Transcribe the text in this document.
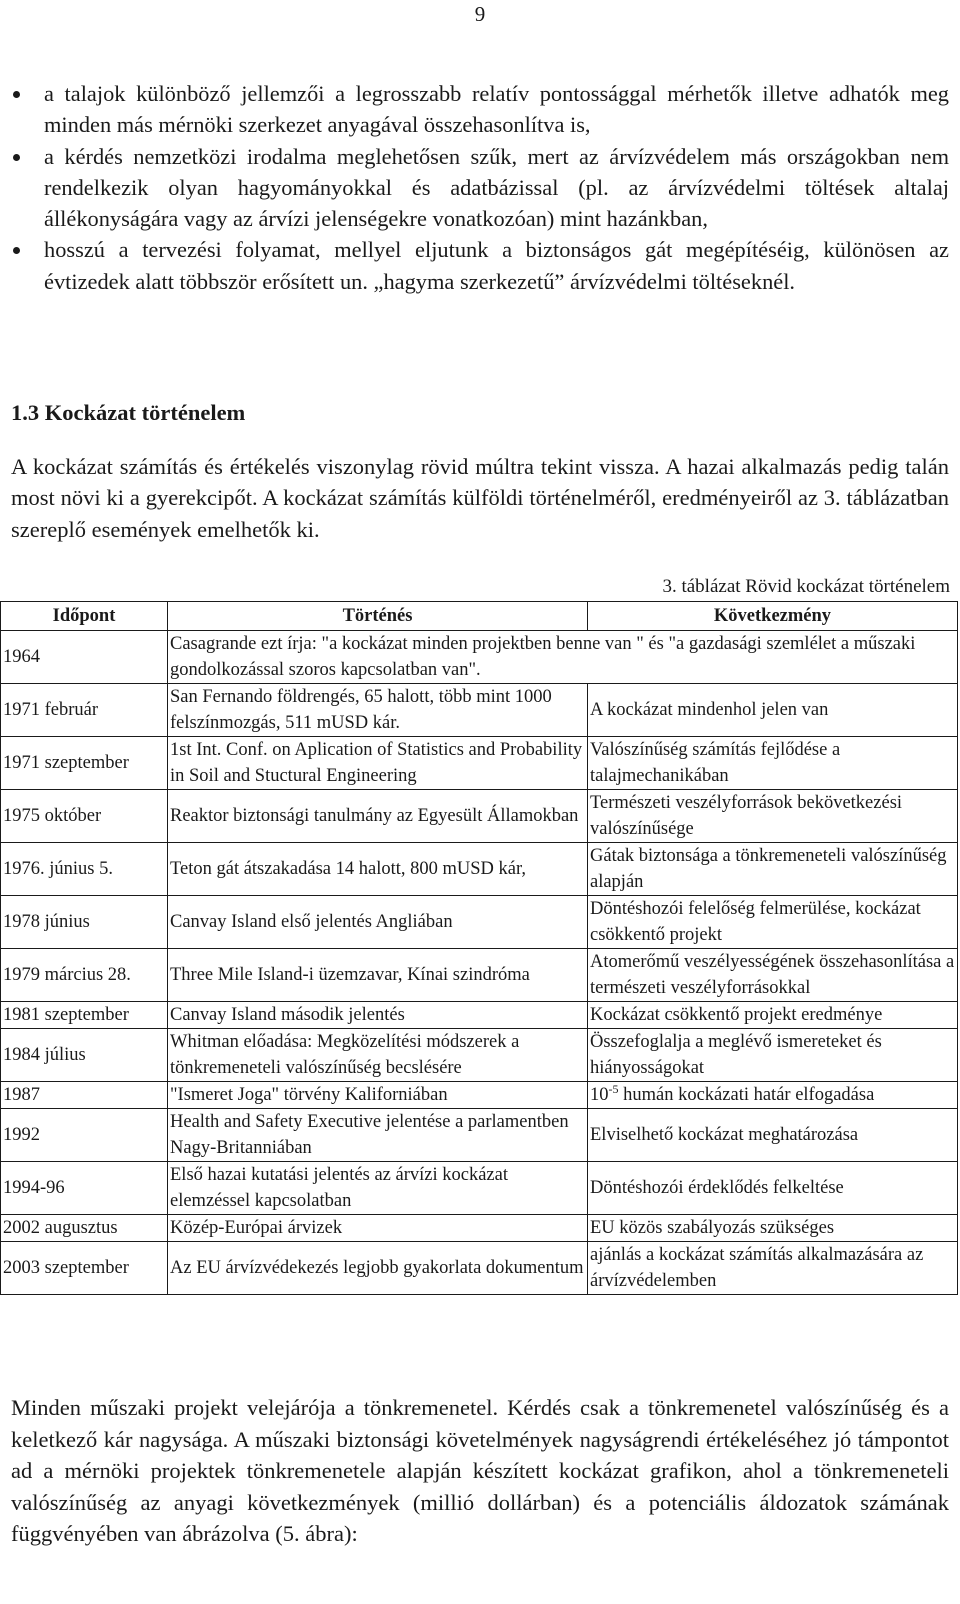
9
a talajok különböző jellemzői a legrosszabb relatív pontossággal mérhetők illetve adhatók meg minden más mérnöki szerkezet anyagával összehasonlítva is,
a kérdés nemzetközi irodalma meglehetősen szűk, mert az árvízvédelem más országokban nem rendelkezik olyan hagyományokkal és adatbázissal (pl. az árvízvédelmi töltések altalaj állékonyságára vagy az árvízi jelenségekre vonatkozóan) mint hazánkban,
hosszú a tervezési folyamat, mellyel eljutunk a biztonságos gát megépítéséig, különösen az évtizedek alatt többször erősített un. „hagyma szerkezetű” árvízvédelmi töltéseknél.
1.3 Kockázat történelem

A kockázat számítás és értékelés viszonylag rövid múltra tekint vissza. A hazai alkalmazás pedig talán most növi ki a gyerekcipőt. A kockázat számítás külföldi történelméről, eredményeiről az 3. táblázatban szereplő események emelhetők ki.

3. táblázat Rövid kockázat történelem
Időpont	Történés	Következmény
1964	Casagrande ezt írja: "a kockázat minden projektben benne van " és "a gazdasági szemlélet a műszaki gondolkozással szoros kapcsolatban van".	
1971 február	San Fernando földrengés, 65 halott, több mint 1000 felszínmozgás, 511 mUSD kár.	A kockázat mindenhol jelen van
1971 szeptember	1st Int. Conf. on Aplication of Statistics and Probability in Soil and Stuctural Engineering	Valószínűség számítás fejlődése a talajmechanikában
1975 október	Reaktor biztonsági tanulmány az Egyesült Államokban	Természeti veszélyforrások bekövetkezési valószínűsége
1976. június 5.	Teton gát átszakadása 14 halott, 800 mUSD kár,	Gátak biztonsága a tönkremeneteli valószínűség alapján
1978 június	Canvay Island első jelentés Angliában	Döntéshozói felelőség felmerülése, kockázat csökkentő projekt
1979 március 28.	Three Mile Island-i üzemzavar, Kínai szindróma	Atomerőmű veszélyességének összehasonlítása a természeti veszélyforrásokkal
1981 szeptember	Canvay Island második jelentés	Kockázat csökkentő projekt eredménye
1984 július	Whitman előadása: Megközelítési módszerek a tönkremeneteli valószínűség becslésére	Összefoglalja a meglévő ismereteket és hiányosságokat
1987	"Ismeret Joga" törvény Kaliforniában	$10^{-5}$ humán kockázati határ elfogadása
1992	Health and Safety Executive jelentése a parlamentben Nagy-Britanniában	Elviselhető kockázat meghatározása
1994-96	Első hazai kutatási jelentés az árvízi kockázat elemzéssel kapcsolatban	Döntéshozói érdeklődés felkeltése
2002 augusztus	Közép-Európai árvizek	EU közös szabályozás szükséges
2003 szeptember	Az EU árvízvédekezés legjobb gyakorlata dokumentum	ajánlás a kockázat számítás alkalmazására az árvízvédelemben

Minden műszaki projekt velejárója a tönkremenetel. Kérdés csak a tönkremenetel valószínűség és a keletkező kár nagysága. A műszaki biztonsági követelmények nagyságrendi értékeléséhez jó támpontot ad a mérnöki projektek tönkremenetele alapján készített kockázat grafikon, ahol a tönkremeneteli valószínűség az anyagi következmények (millió dollárban) és a potenciális áldozatok számának függvényében van ábrázolva (5. ábra):
